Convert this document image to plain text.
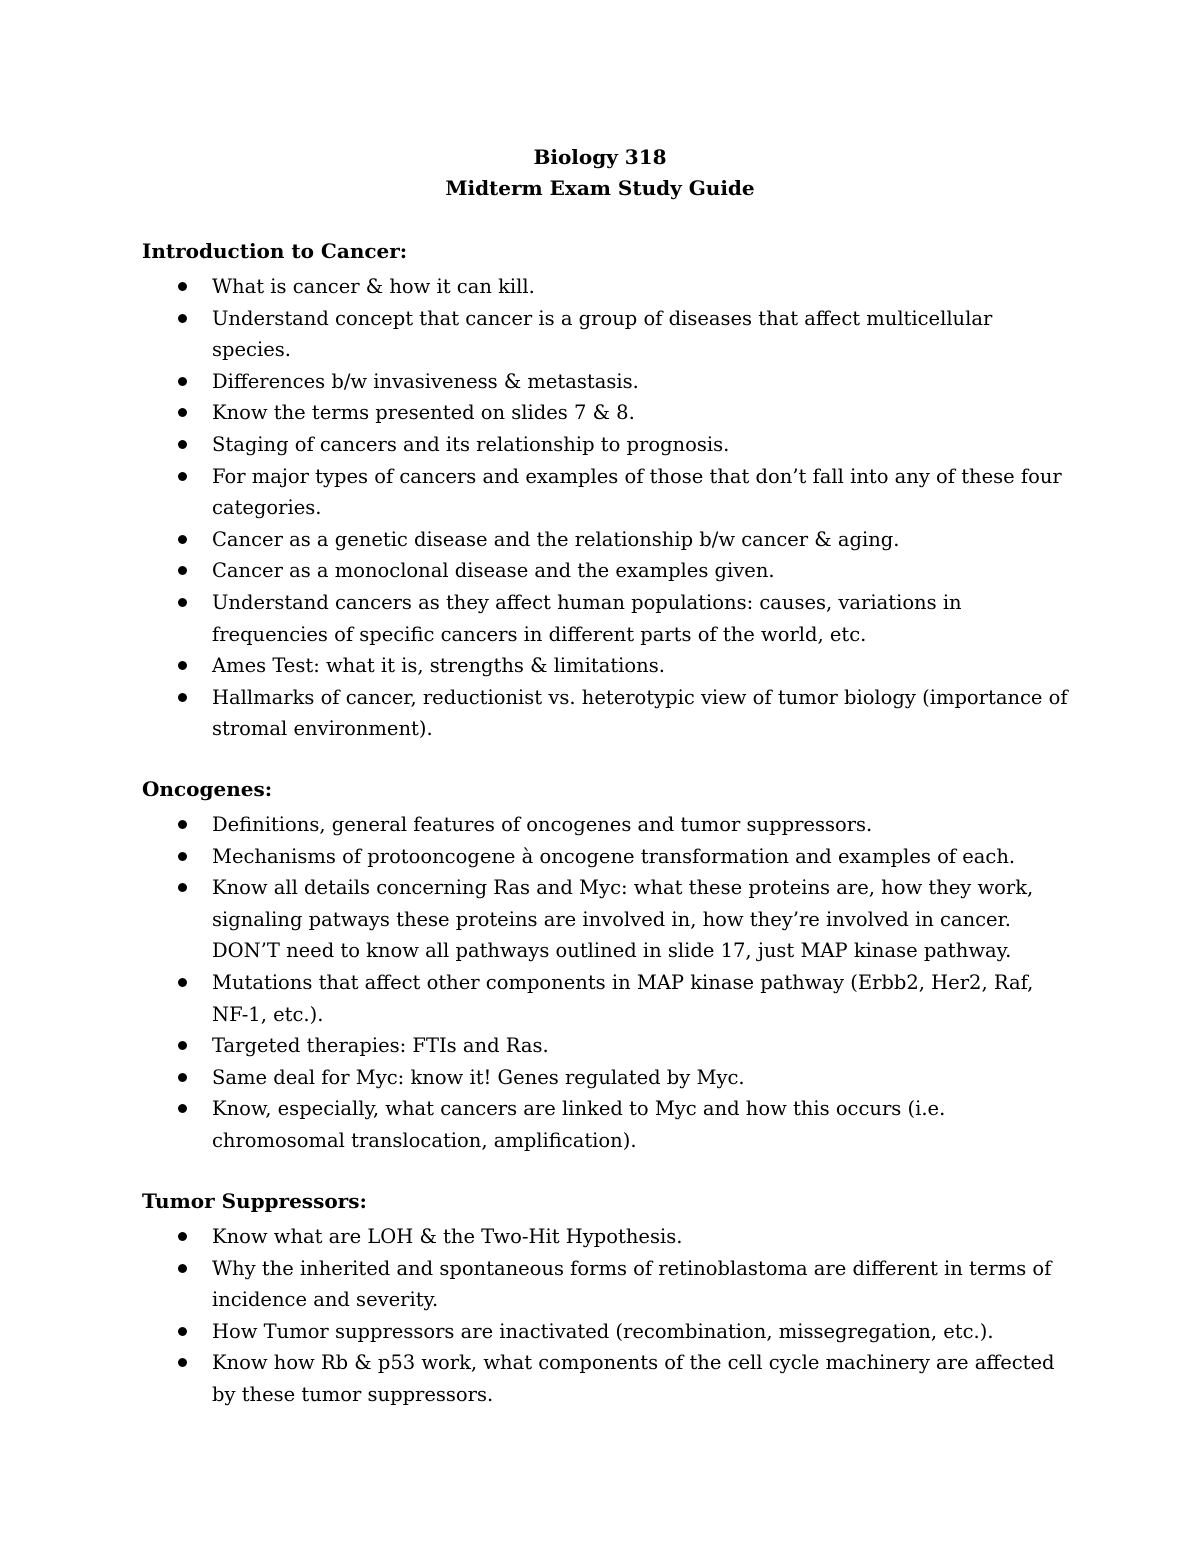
Biology 318
Midterm Exam Study Guide
Introduction to Cancer:
What is cancer & how it can kill.
Understand concept that cancer is a group of diseases that affect multicellular species.
Differences b/w invasiveness & metastasis.
Know the terms presented on slides 7 & 8.
Staging of cancers and its relationship to prognosis.
For major types of cancers and examples of those that don’t fall into any of these four categories.
Cancer as a genetic disease and the relationship b/w cancer & aging.
Cancer as a monoclonal disease and the examples given.
Understand cancers as they affect human populations: causes, variations in frequencies of specific cancers in different parts of the world, etc.
Ames Test: what it is, strengths & limitations.
Hallmarks of cancer, reductionist vs. heterotypic view of tumor biology (importance of stromal environment).
Oncogenes:
Definitions, general features of oncogenes and tumor suppressors.
Mechanisms of protooncogene à oncogene transformation and examples of each.
Know all details concerning Ras and Myc: what these proteins are, how they work, signaling patways these proteins are involved in, how they’re involved in cancer. DON’T need to know all pathways outlined in slide 17, just MAP kinase pathway.
Mutations that affect other components in MAP kinase pathway (Erbb2, Her2, Raf, NF-1, etc.).
Targeted therapies: FTIs and Ras.
Same deal for Myc: know it! Genes regulated by Myc.
Know, especially, what cancers are linked to Myc and how this occurs (i.e. chromosomal translocation, amplification).
Tumor Suppressors:
Know what are LOH & the Two-Hit Hypothesis.
Why the inherited and spontaneous forms of retinoblastoma are different in terms of incidence and severity.
How Tumor suppressors are inactivated (recombination, missegregation, etc.).
Know how Rb & p53 work, what components of the cell cycle machinery are affected by these tumor suppressors.
